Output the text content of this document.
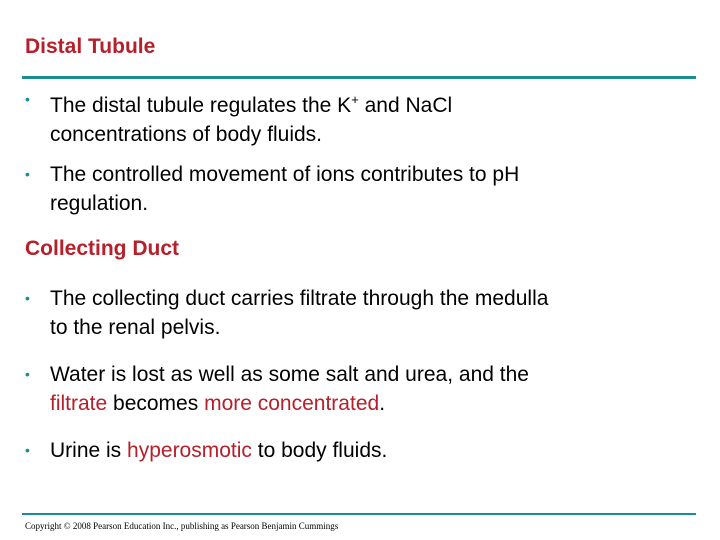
Distal Tubule
• The distal tubule regulates the K+ and NaCl
concentrations of body fluids.
• The controlled movement of ions contributes to pH
regulation.
Collecting Duct
• The collecting duct carries filtrate through the medulla
to the renal pelvis.
• Water is lost as well as some salt and urea, and the
filtrate becomes more concentrated.
• Urine is hyperosmotic to body fluids.
Copyright © 2008 Pearson Education Inc., publishing as Pearson Benjamin Cummings
